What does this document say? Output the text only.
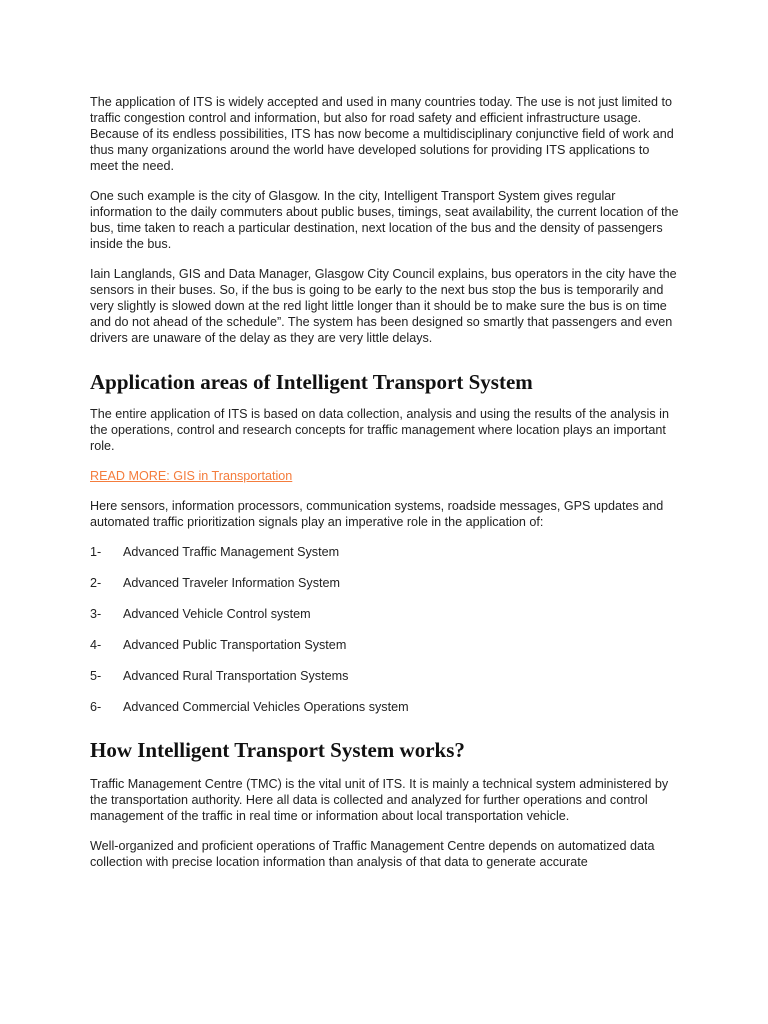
The application of ITS is widely accepted and used in many countries today. The use is not just limited to traffic congestion control and information, but also for road safety and efficient infrastructure usage. Because of its endless possibilities, ITS has now become a multidisciplinary conjunctive field of work and thus many organizations around the world have developed solutions for providing ITS applications to meet the need.

One such example is the city of Glasgow. In the city, Intelligent Transport System gives regular information to the daily commuters about public buses, timings, seat availability, the current location of the bus, time taken to reach a particular destination, next location of the bus and the density of passengers inside the bus.

Iain Langlands, GIS and Data Manager, Glasgow City Council explains, bus operators in the city have the sensors in their buses. So, if the bus is going to be early to the next bus stop the bus is temporarily and very slightly is slowed down at the red light little longer than it should be to make sure the bus is on time and do not ahead of the schedule”. The system has been designed so smartly that passengers and even drivers are unaware of the delay as they are very little delays.

Application areas of Intelligent Transport System

The entire application of ITS is based on data collection, analysis and using the results of the analysis in the operations, control and research concepts for traffic management where location plays an important role.

READ MORE: GIS in Transportation

Here sensors, information processors, communication systems, roadside messages, GPS updates and automated traffic prioritization signals play an imperative role in the application of:

1-	Advanced Traffic Management System
2-	Advanced Traveler Information System
3-	Advanced Vehicle Control system
4-	Advanced Public Transportation System
5-	Advanced Rural Transportation Systems
6-	Advanced Commercial Vehicles Operations system
How Intelligent Transport System works?

Traffic Management Centre (TMC) is the vital unit of ITS. It is mainly a technical system administered by the transportation authority. Here all data is collected and analyzed for further operations and control management of the traffic in real time or information about local transportation vehicle.

Well-organized and proficient operations of Traffic Management Centre depends on automatized data collection with precise location information than analysis of that data to generate accurate
